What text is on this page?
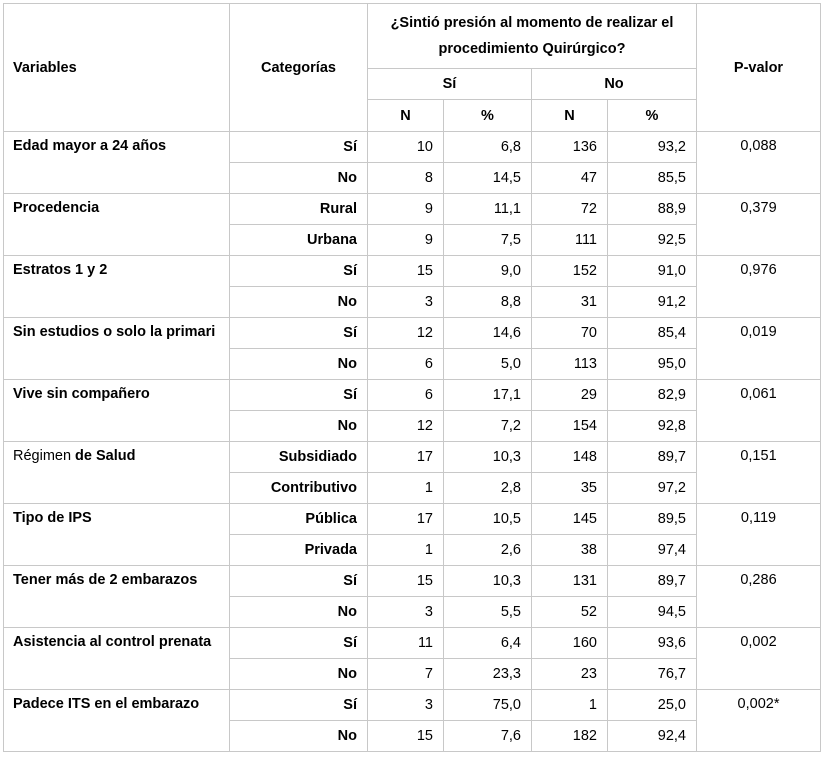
Variables	Categorías	¿Sintió presión al momento de realizar el procedimiento Quirúrgico?				P-valor
		Sí		No		
		N	%	N	%	
Edad mayor a 24 años	Sí	10	6,8	136	93,2	0,088
	No	8	14,5	47	85,5	
Procedencia	Rural	9	11,1	72	88,9	0,379
	Urbana	9	7,5	111	92,5	
Estratos 1 y 2	Sí	15	9,0	152	91,0	0,976
	No	3	8,8	31	91,2	
Sin estudios o solo la primari	Sí	12	14,6	70	85,4	0,019
	No	6	5,0	113	95,0	
Vive sin compañero	Sí	6	17,1	29	82,9	0,061
	No	12	7,2	154	92,8	
Régimen de Salud	Subsidiado	17	10,3	148	89,7	0,151
	Contributivo	1	2,8	35	97,2	
Tipo de IPS	Pública	17	10,5	145	89,5	0,119
	Privada	1	2,6	38	97,4	
Tener más de 2 embarazos	Sí	15	10,3	131	89,7	0,286
	No	3	5,5	52	94,5	
Asistencia al control prenata	Sí	11	6,4	160	93,6	0,002
	No	7	23,3	23	76,7	
Padece ITS en el embarazo	Sí	3	75,0	1	25,0	0,002*
	No	15	7,6	182	92,4	
